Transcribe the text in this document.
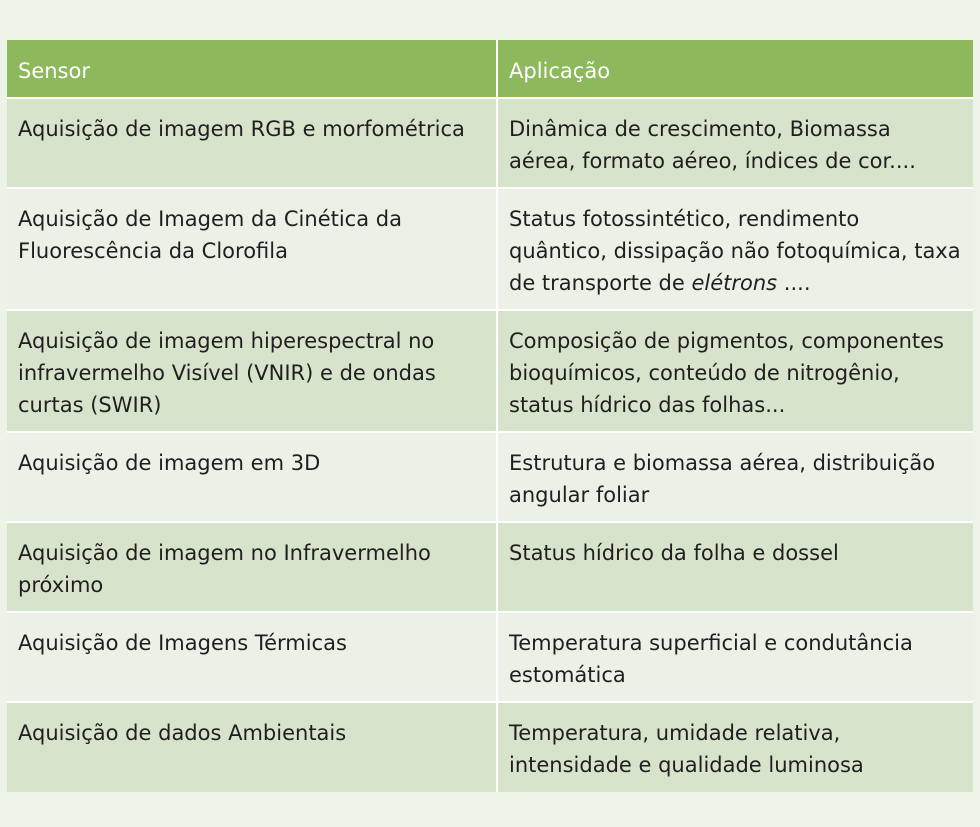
Sensor	Aplicação
Aquisição de imagem RGB e morfométrica	Dinâmica de crescimento, Biomassa aérea, formato aéreo, índices de cor....
Aquisição de Imagem da Cinética da Fluorescência da Clorofila	Status fotossintético, rendimento quântico, dissipação não fotoquímica, taxa de transporte de elétrons ....
Aquisição de imagem hiperespectral no infravermelho Visível (VNIR) e de ondas curtas (SWIR)	Composição de pigmentos, componentes bioquímicos, conteúdo de nitrogênio, status hídrico das folhas...
Aquisição de imagem em 3D	Estrutura e biomassa aérea, distribuição angular foliar
Aquisição de imagem no Infravermelho próximo	Status hídrico da folha e dossel
Aquisição de Imagens Térmicas	Temperatura superficial e condutância estomática
Aquisição de dados Ambientais	Temperatura, umidade relativa, intensidade e qualidade luminosa
